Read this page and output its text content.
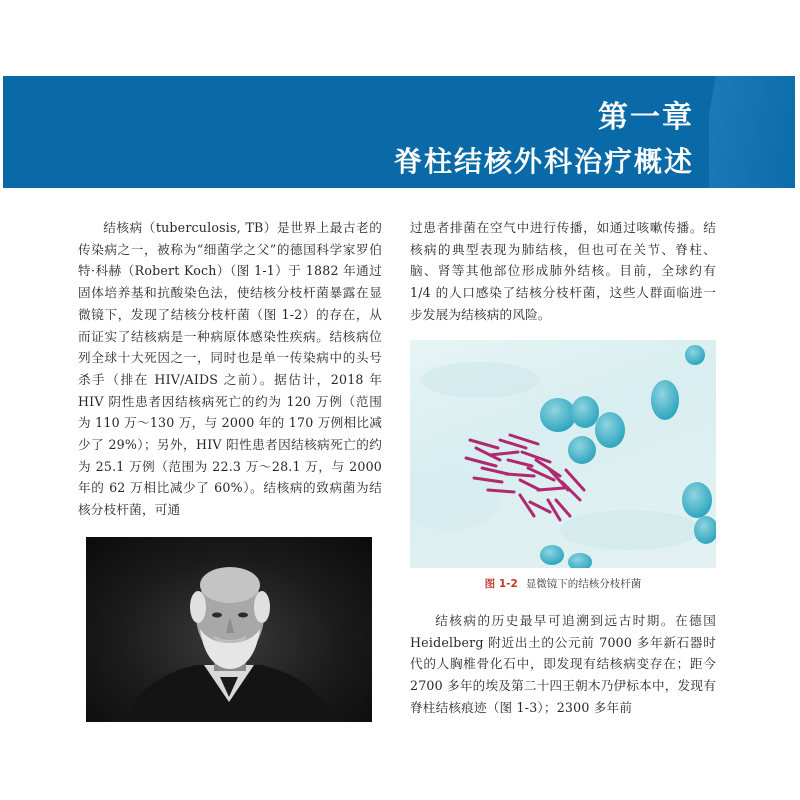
第一章
脊柱结核外科治疗概述
结核病（tuberculosis, TB）是世界上最古老的传染病之一，被称为“细菌学之父”的德国科学家罗伯特·科赫（Robert Koch）（图 1-1）于 1882 年通过固体培养基和抗酸染色法，使结核分枝杆菌暴露在显微镜下，发现了结核分枝杆菌（图 1-2）的存在，从而证实了结核病是一种病原体感染性疾病。结核病位列全球十大死因之一，同时也是单一传染病中的头号杀手（排在 HIV/AIDS 之前）。据估计，2018 年 HIV 阴性患者因结核病死亡的约为 120 万例（范围为 110 万～130 万，与 2000 年的 170 万例相比减少了 29%）；另外，HIV 阳性患者因结核病死亡的约为 25.1 万例（范围为 22.3 万～28.1 万，与 2000 年的 62 万相比减少了 60%）。结核病的致病菌为结核分枝杆菌，可通
过患者排菌在空气中进行传播，如通过咳嗽传播。结核病的典型表现为肺结核，但也可在关节、脊柱、脑、肾等其他部位形成肺外结核。目前，全球约有 1/4 的人口感染了结核分枝杆菌，这些人群面临进一步发展为结核病的风险。
图 1-2 显微镜下的结核分枝杆菌
结核病的历史最早可追溯到远古时期。在德国 Heidelberg 附近出土的公元前 7000 多年新石器时代的人胸椎骨化石中，即发现有结核病变存在；距今 2700 多年的埃及第二十四王朝木乃伊标本中，发现有脊柱结核痕迹（图 1-3）；2300 多年前
